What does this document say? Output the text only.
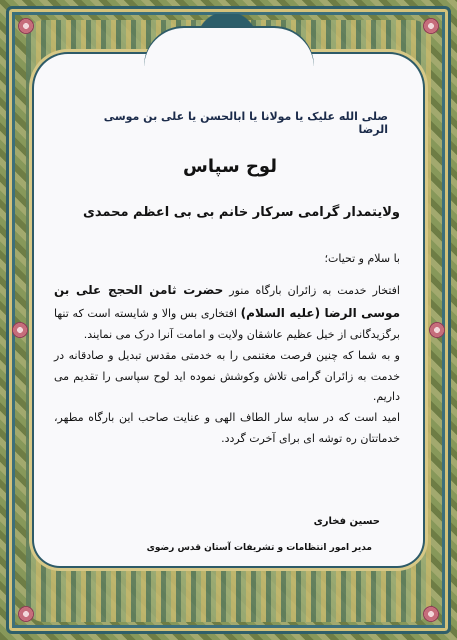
صلی الله علیک یا مولانا یا ابالحسن یا علی بن موسی الرضا
لوح سپاس
ولایتمدار گرامی سرکار خانم بی بی اعظم محمدی
با سلام و تحیات؛

افتخار خدمت به زائران بارگاه منور حضرت ثامن الحجج علی بن موسی الرضا (علیه السلام) افتخاری بس والا و شایسته است که تنها برگزیدگانی از خیل عظیم عاشقان ولایت و امامت آنرا درک می نمایند.

و به شما که چنین فرصت مغتنمی را به خدمتی مقدس تبدیل و صادقانه در خدمت به زائران گرامی تلاش وکوشش نموده اید لوح سپاسی را تقدیم می داریم.

امید است که در سایه سار الطاف الهی و عنایت صاحب این بارگاه مطهر، خدماتتان ره توشه ای برای آخرت گردد.

حسین فخاری
مدیر امور انتظامات و تشریفات آستان قدس رضوی
